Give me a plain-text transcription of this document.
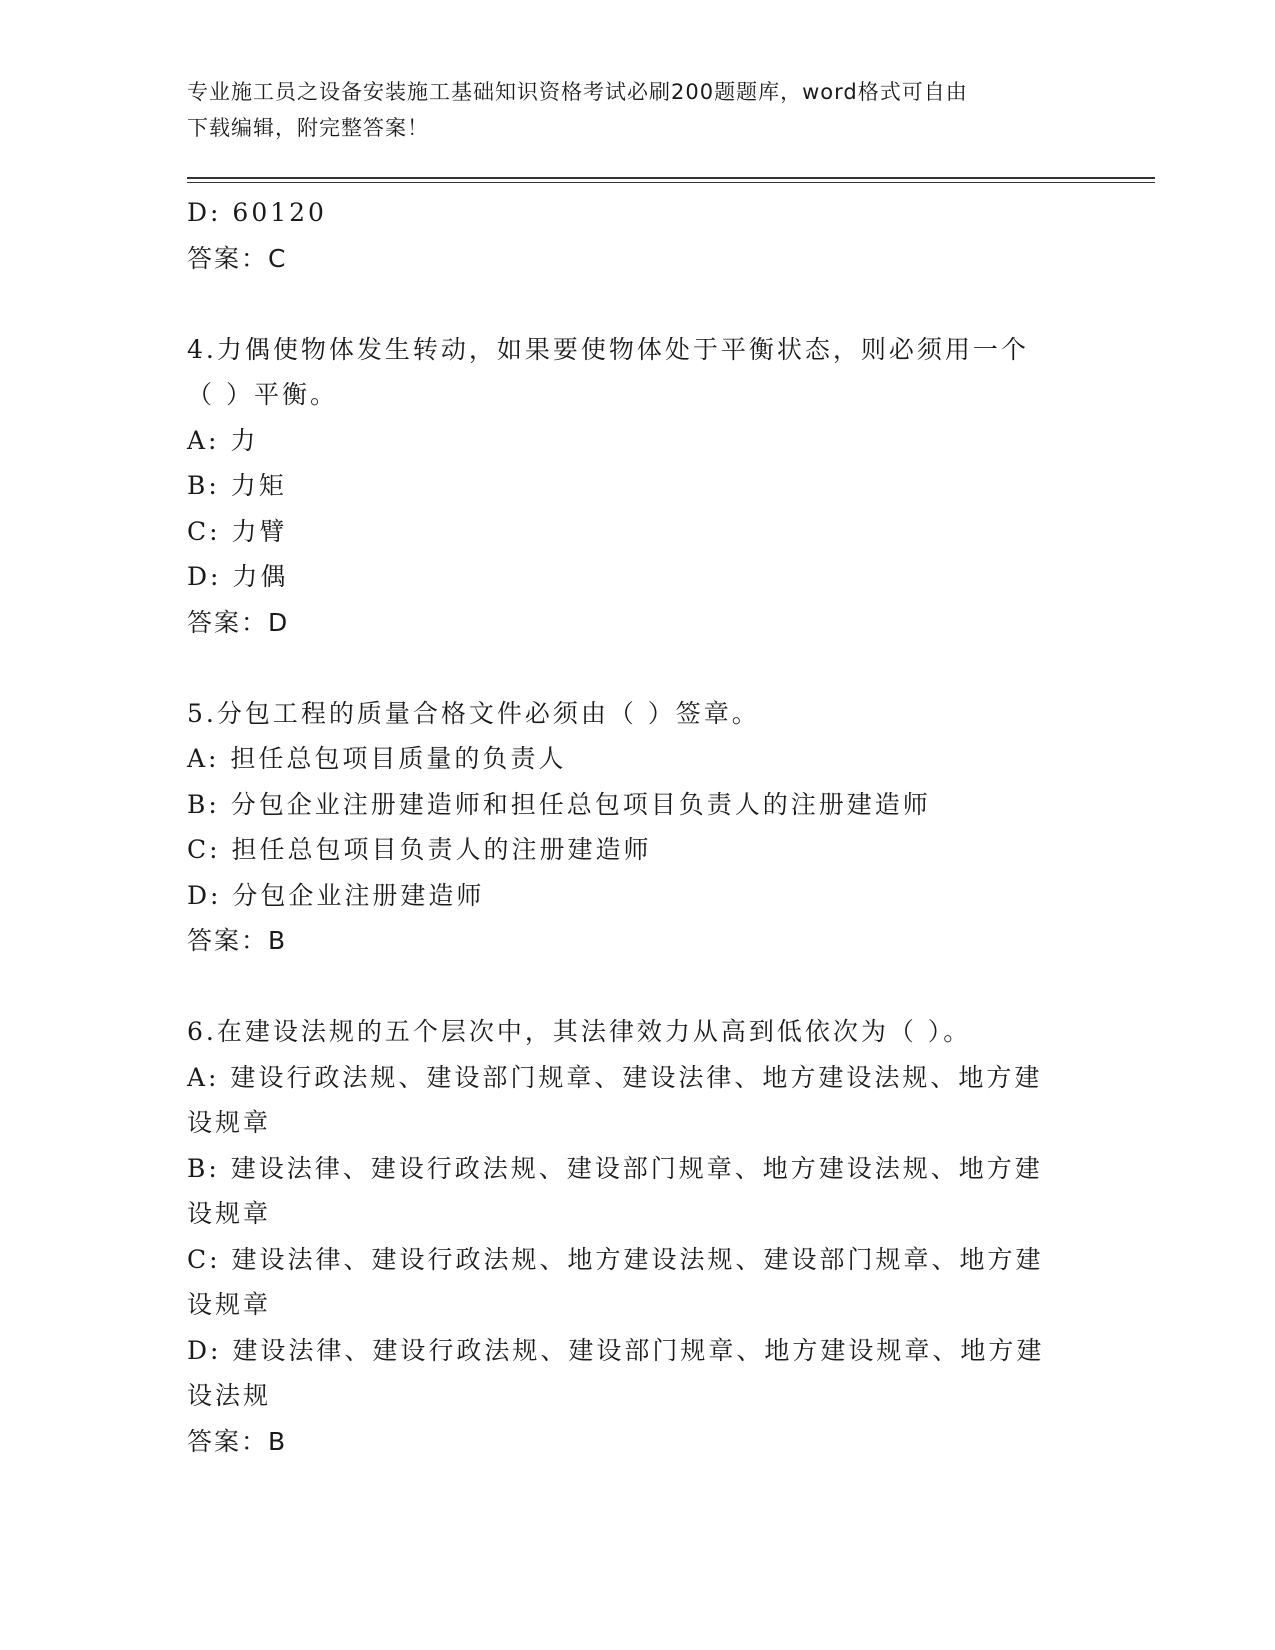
专业施工员之设备安装施工基础知识资格考试必刷200题题库，word格式可自由
下载编辑，附完整答案！
D: 60120
答案：C
4.力偶使物体发生转动，如果要使物体处于平衡状态，则必须用一个
（ ）平衡。
A: 力
B: 力矩
C: 力臂
D: 力偶
答案：D
5.分包工程的质量合格文件必须由（ ）签章。
A: 担任总包项目质量的负责人
B: 分包企业注册建造师和担任总包项目负责人的注册建造师
C: 担任总包项目负责人的注册建造师
D: 分包企业注册建造师
答案：B
6.在建设法规的五个层次中，其法律效力从高到低依次为（ ）。
A: 建设行政法规、建设部门规章、建设法律、地方建设法规、地方建
设规章
B: 建设法律、建设行政法规、建设部门规章、地方建设法规、地方建
设规章
C: 建设法律、建设行政法规、地方建设法规、建设部门规章、地方建
设规章
D: 建设法律、建设行政法规、建设部门规章、地方建设规章、地方建
设法规
答案：B
